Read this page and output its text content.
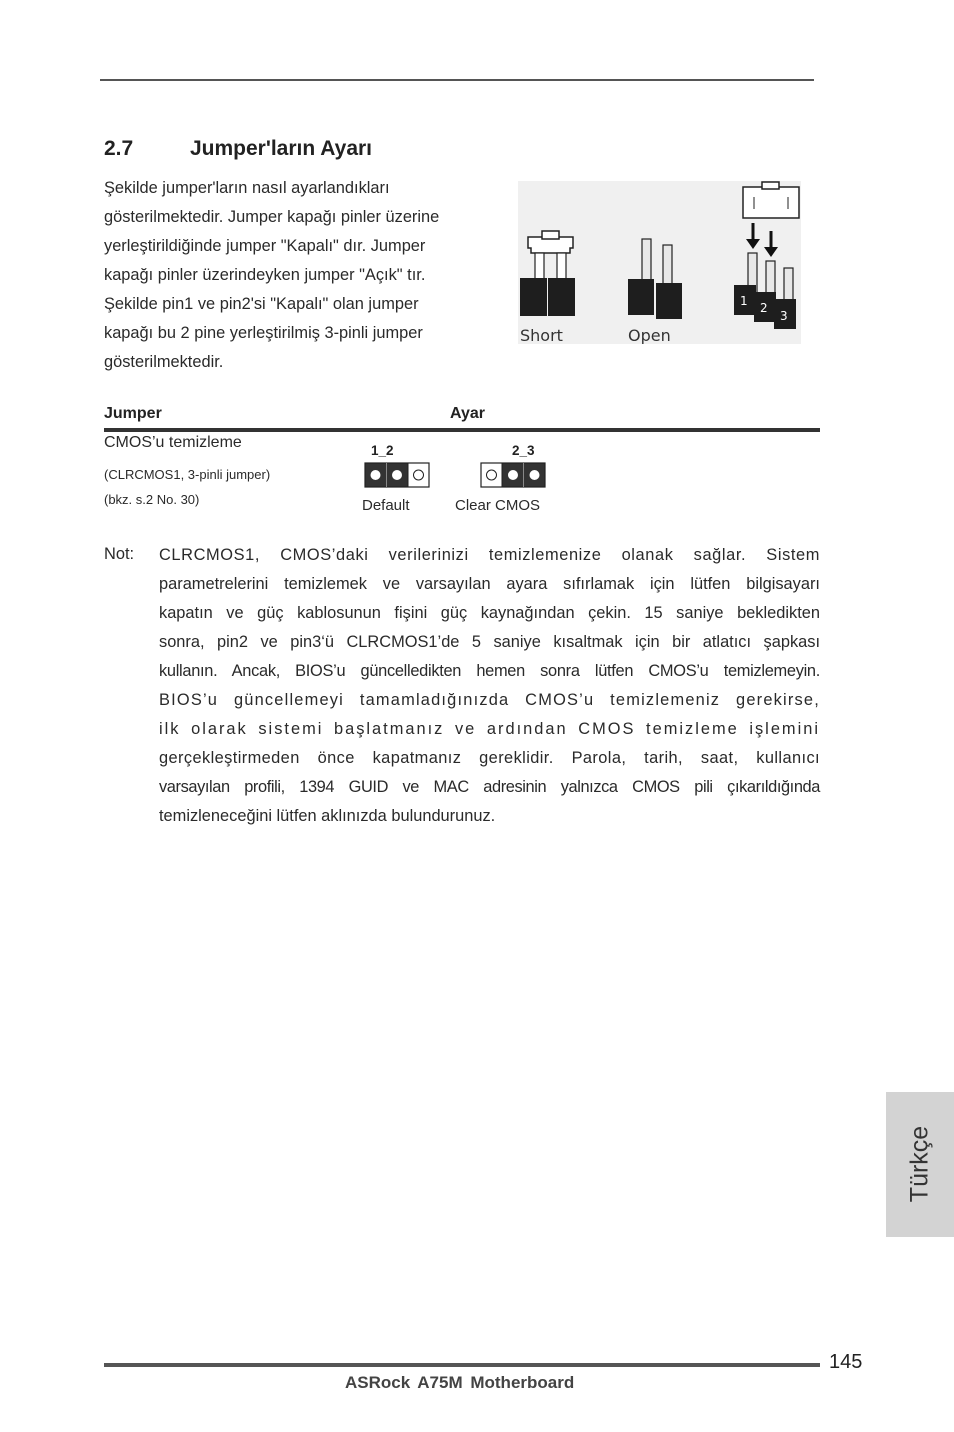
2.7	Jumper'ların Ayarı
Şekilde jumper'ların nasıl ayarlandıkları
gösterilmektedir. Jumper kapağı pinler üzerine
yerleştirildiğinde jumper "Kapalı" dır. Jumper
kapağı pinler üzerindeyken jumper "Açık" tır.
Şekilde pin1 ve pin2'si "Kapalı" olan jumper
kapağı bu 2 pine yerleştirilmiş 3-pinli jumper
gösterilmektedir.
Short	Open
1 2
3
Jumper	Ayar
CMOS’u temizleme
(CLRCMOS1, 3-pinli jumper)
(bkz. s.2 No. 30)
1_2
Default
2_3
Clear CMOS
Not: CLRCMOS1, CMOS’daki verilerinizi temizlemenize olanak sağlar. Sistem
parametrelerini temizlemek ve varsayılan ayara sıfırlamak için lütfen bilgisayarı
kapatın ve güç kablosunun fişini güç kaynağından çekin. 15 saniye bekledikten
sonra, pin2 ve pin3‘ü CLRCMOS1’de 5 saniye kısaltmak için bir atlatıcı şapkası
kullanın. Ancak, BIOS’u güncelledikten hemen sonra lütfen CMOS’u temizlemeyin.
BIOS’u güncellemeyi tamamladığınızda CMOS’u temizlemeniz gerekirse,
ilk olarak sistemi başlatmanız ve ardından CMOS temizleme işlemini
gerçekleştirmeden önce kapatmanız gereklidir. Parola, tarih, saat, kullanıcı
varsayılan profili, 1394 GUID ve MAC adresinin yalnızca CMOS pili çıkarıldığında
temizleneceğini lütfen aklınızda bulundurunuz.
Türkçe
145
ASRock A75M Motherboard
